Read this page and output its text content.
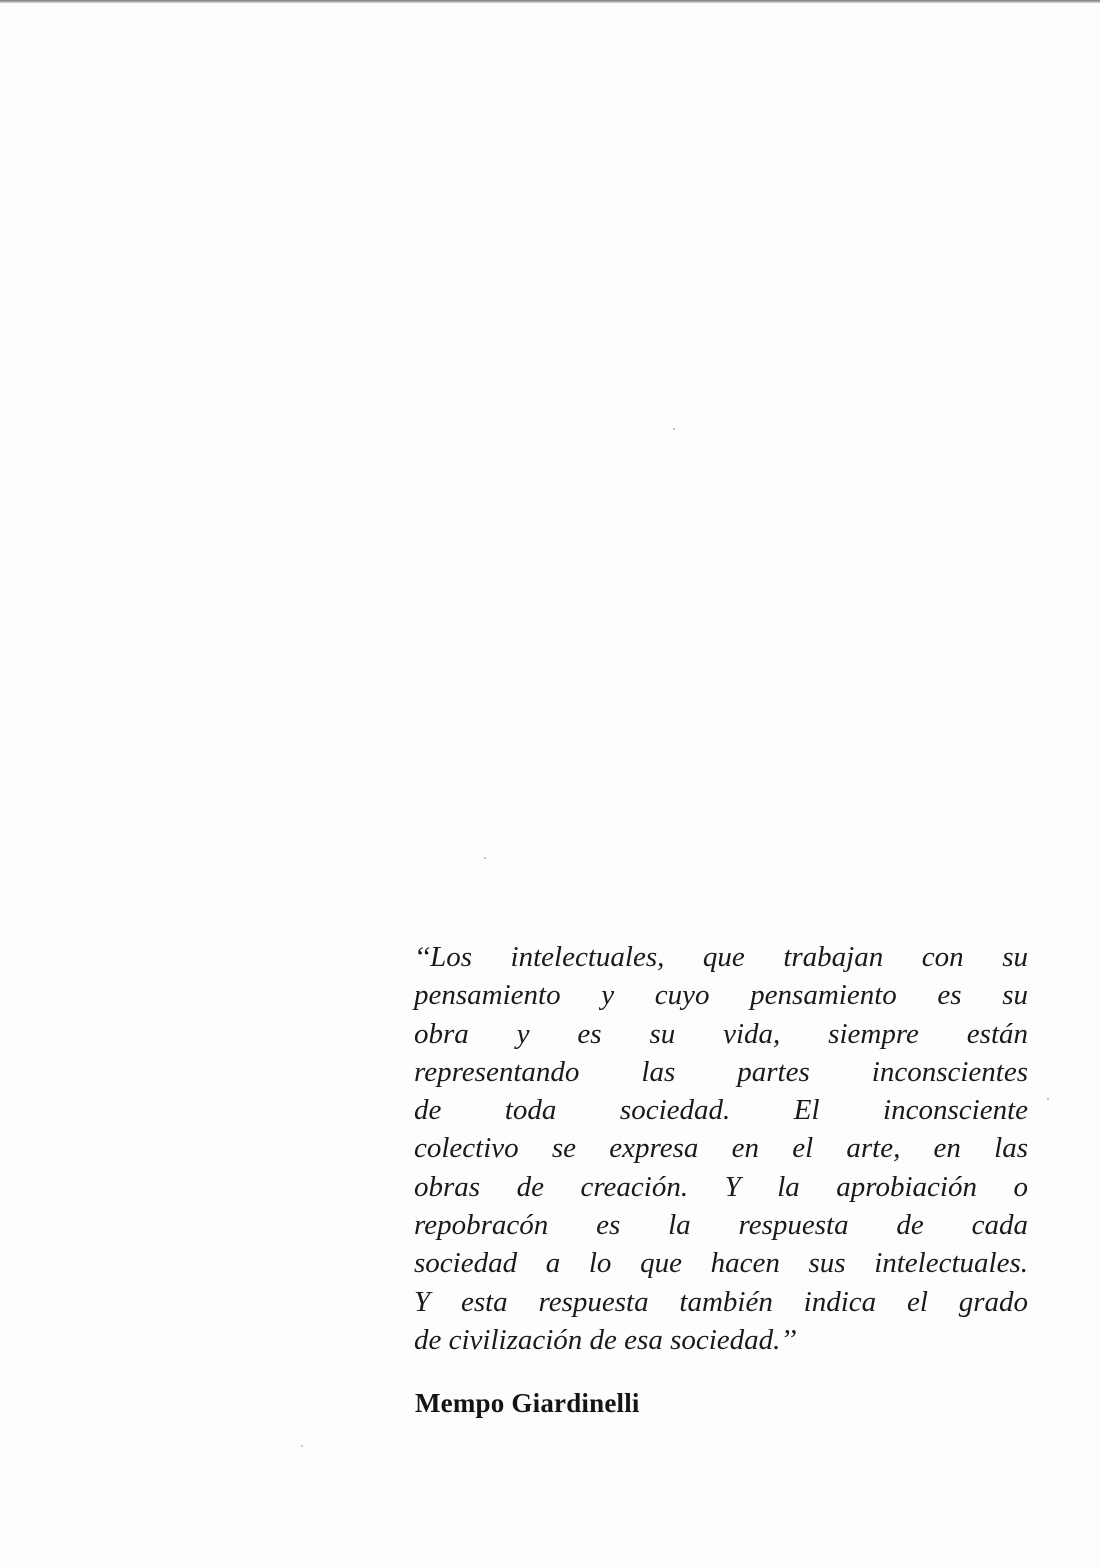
‘‘Los intelectuales, que trabajan con su
pensamiento y cuyo pensamiento es su
obra y es su vida, siempre están
representando las partes inconscientes
de toda sociedad. El inconsciente
colectivo se expresa en el arte, en las
obras de creación. Y la aprobiación o
repobracón es la respuesta de cada
sociedad a lo que hacen sus intelectuales.
Y esta respuesta también indica el grado
de civilización de esa sociedad.’’
Mempo Giardinelli
